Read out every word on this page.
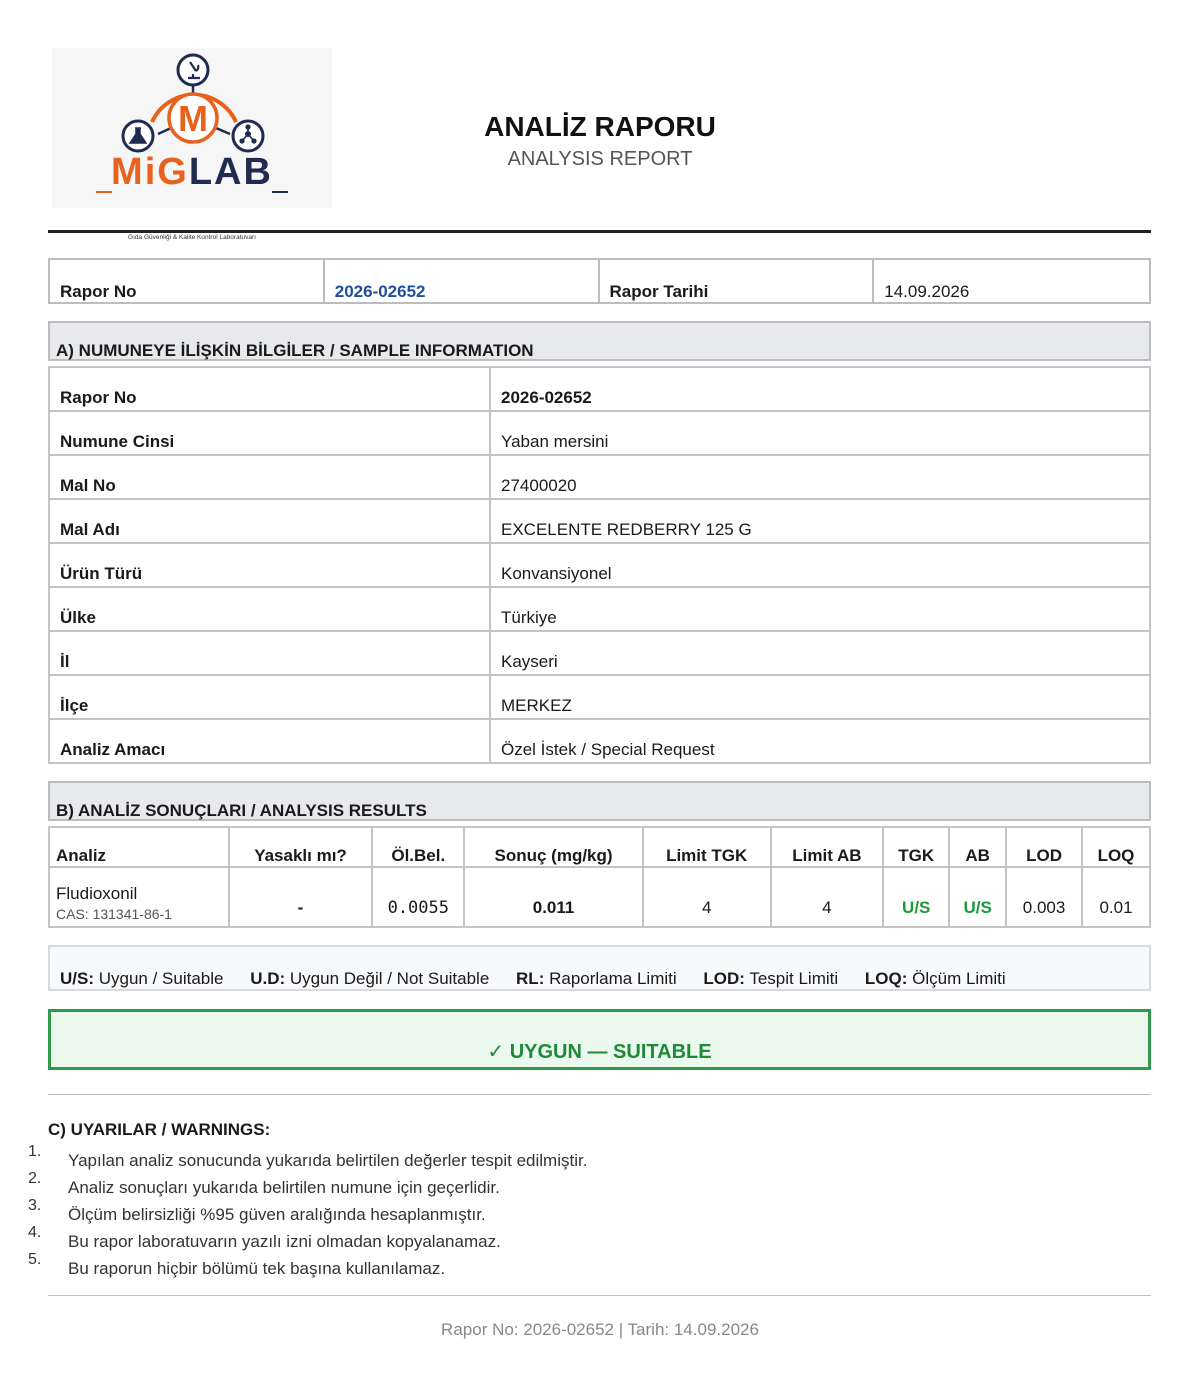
M
MiGLAB
Gıda Güvenliği & Kalite Kontrol Laboratuvarı
ANALİZ RAPORU
ANALYSIS REPORT
Rapor No	2026-02652	Rapor Tarihi	14.09.2026
A) NUMUNEYE İLİŞKİN BİLGİLER / SAMPLE INFORMATION
Rapor No	2026-02652
Numune Cinsi	Yaban mersini
Mal No	27400020
Mal Adı	EXCELENTE REDBERRY 125 G
Ürün Türü	Konvansiyonel
Ülke	Türkiye
İl	Kayseri
İlçe	MERKEZ
Analiz Amacı	Özel İstek / Special Request
B) ANALİZ SONUÇLARI / ANALYSIS RESULTS
Analiz	Yasaklı mı?	Öl.Bel.	Sonuç (mg/kg)	Limit TGK	Limit AB	TGK	AB	LOD	LOQ

Fludioxonil
CAS: 131341-86-1	-	0.0055	0.011	4	4	U/S	U/S	0.003	0.01
U/S: Uygun / Suitable U.D: Uygun Değil / Not Suitable RL: Raporlama Limiti LOD: Tespit Limiti LOQ: Ölçüm Limiti
✓ UYGUN — SUITABLE
C) UYARILAR / WARNINGS:
1. Yapılan analiz sonucunda yukarıda belirtilen değerler tespit edilmiştir.
2. Analiz sonuçları yukarıda belirtilen numune için geçerlidir.
3. Ölçüm belirsizliği %95 güven aralığında hesaplanmıştır.
4. Bu rapor laboratuvarın yazılı izni olmadan kopyalanamaz.
5. Bu raporun hiçbir bölümü tek başına kullanılamaz.
Rapor No: 2026-02652 | Tarih: 14.09.2026
